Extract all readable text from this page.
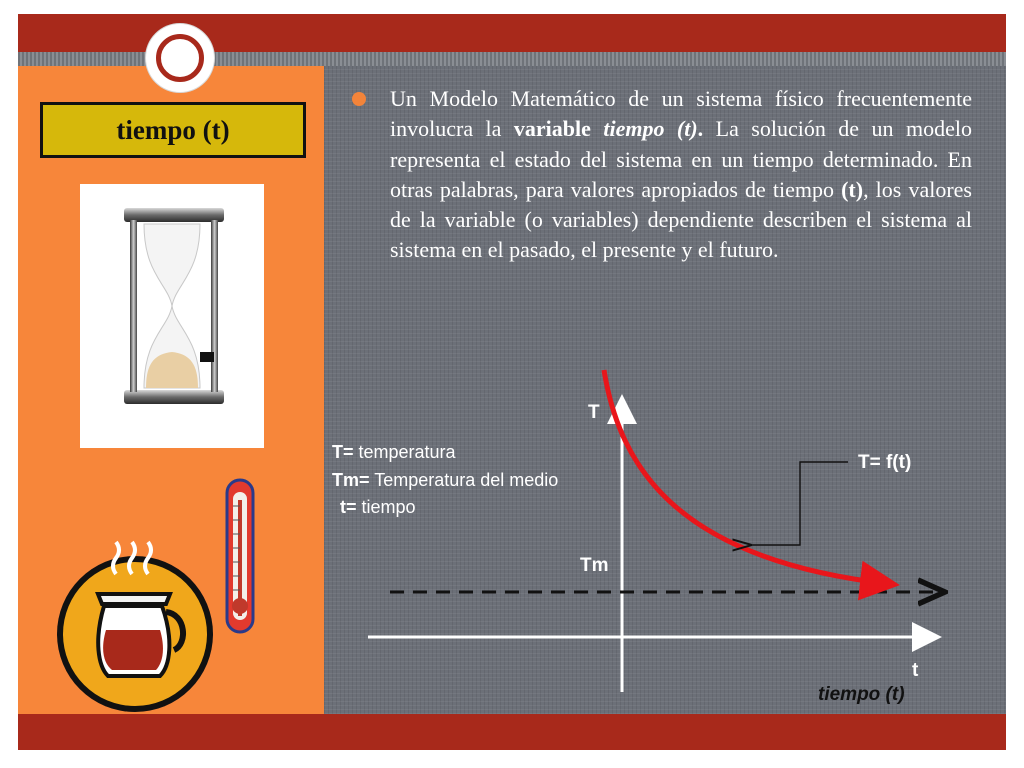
tiempo (t)
Un Modelo Matemático de un sistema físico frecuentemente involucra la variable tiempo (t). La solución de un modelo representa el estado del sistema en un tiempo determinado. En otras palabras, para valores apropiados de tiempo (t), los valores de la variable (o variables) dependiente describen el sistema al sistema en el pasado, el presente y el futuro.
T= temperatura
Tm= Temperatura del medio
t= tiempo
T
Tm
T= f(t)
t
tiempo (t)
